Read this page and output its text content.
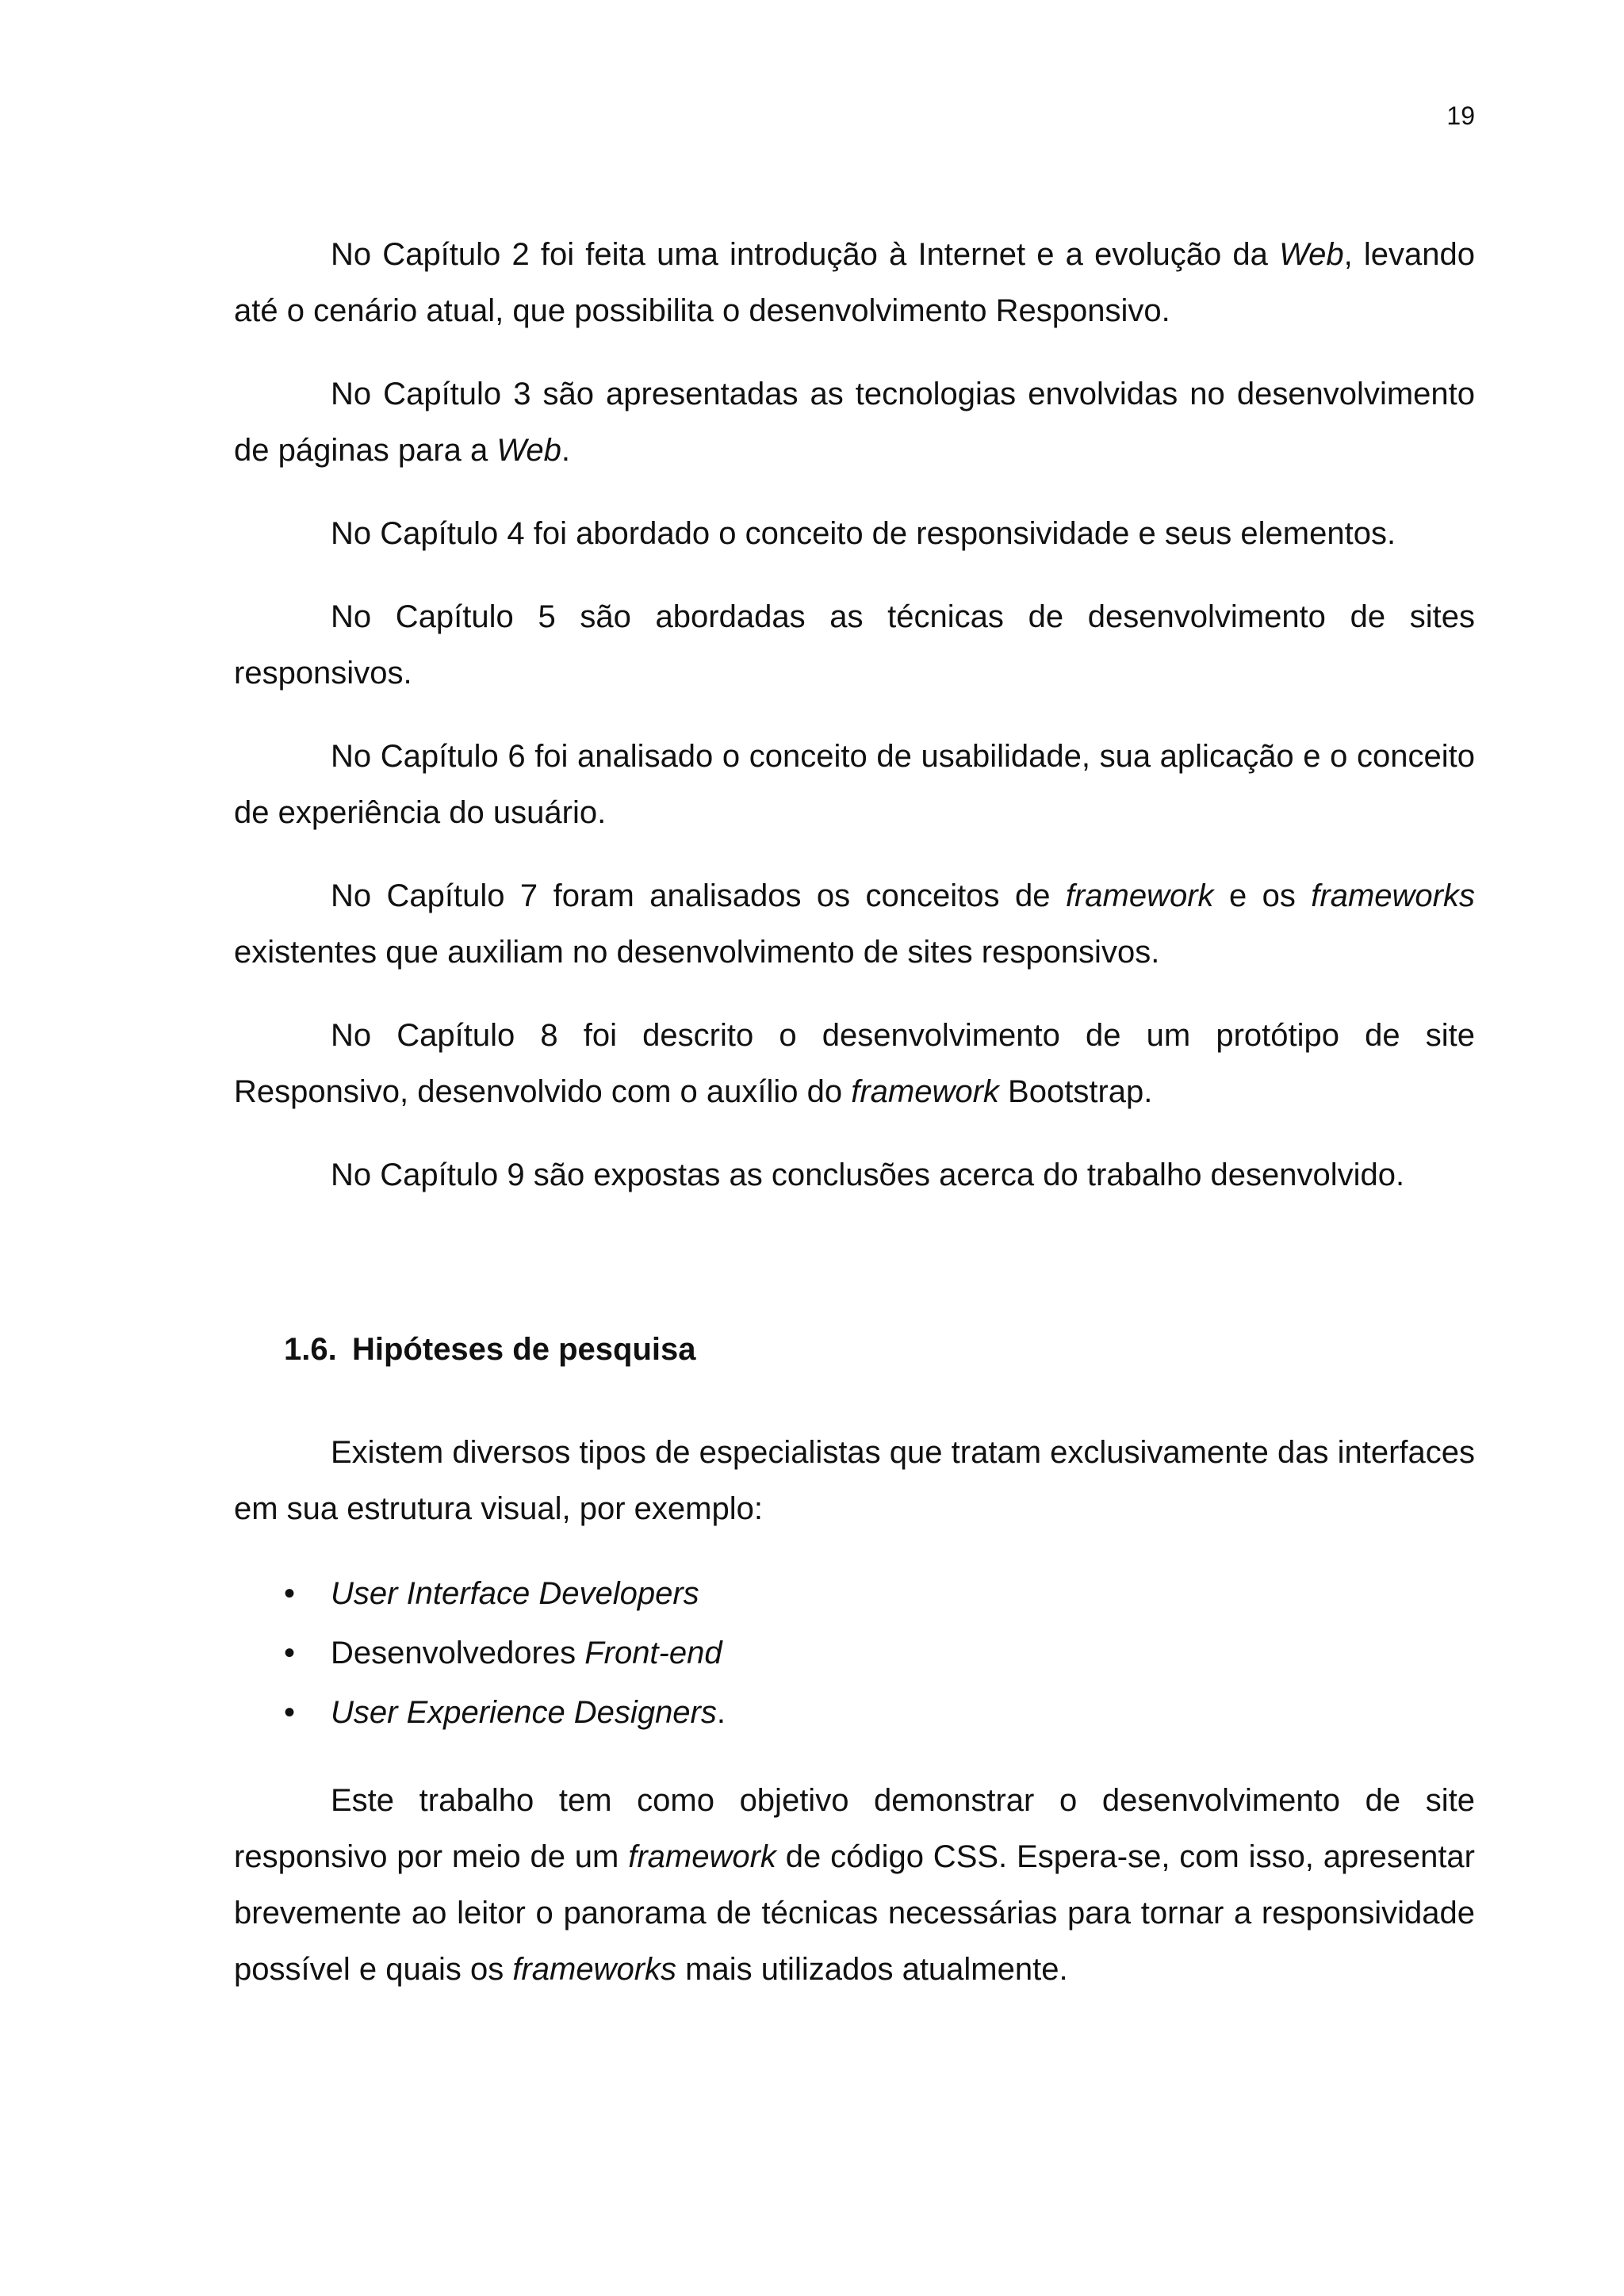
19

No Capítulo 2 foi feita uma introdução à Internet e a evolução da Web, levando até o cenário atual, que possibilita o desenvolvimento Responsivo.

No Capítulo 3 são apresentadas as tecnologias envolvidas no desenvolvimento de páginas para a Web.

No Capítulo 4 foi abordado o conceito de responsividade e seus elementos.

No Capítulo 5 são abordadas as técnicas de desenvolvimento de sites responsivos.

No Capítulo 6 foi analisado o conceito de usabilidade, sua aplicação e o conceito de experiência do usuário.

No Capítulo 7 foram analisados os conceitos de framework e os frameworks existentes que auxiliam no desenvolvimento de sites responsivos.

No Capítulo 8 foi descrito o desenvolvimento de um protótipo de site Responsivo, desenvolvido com o auxílio do framework Bootstrap.

No Capítulo 9 são expostas as conclusões acerca do trabalho desenvolvido.

1.6. Hipóteses de pesquisa

Existem diversos tipos de especialistas que tratam exclusivamente das interfaces em sua estrutura visual, por exemplo:

• User Interface Developers
• Desenvolvedores Front-end
• User Experience Designers.

Este trabalho tem como objetivo demonstrar o desenvolvimento de site responsivo por meio de um framework de código CSS. Espera-se, com isso, apresentar brevemente ao leitor o panorama de técnicas necessárias para tornar a responsividade possível e quais os frameworks mais utilizados atualmente.
